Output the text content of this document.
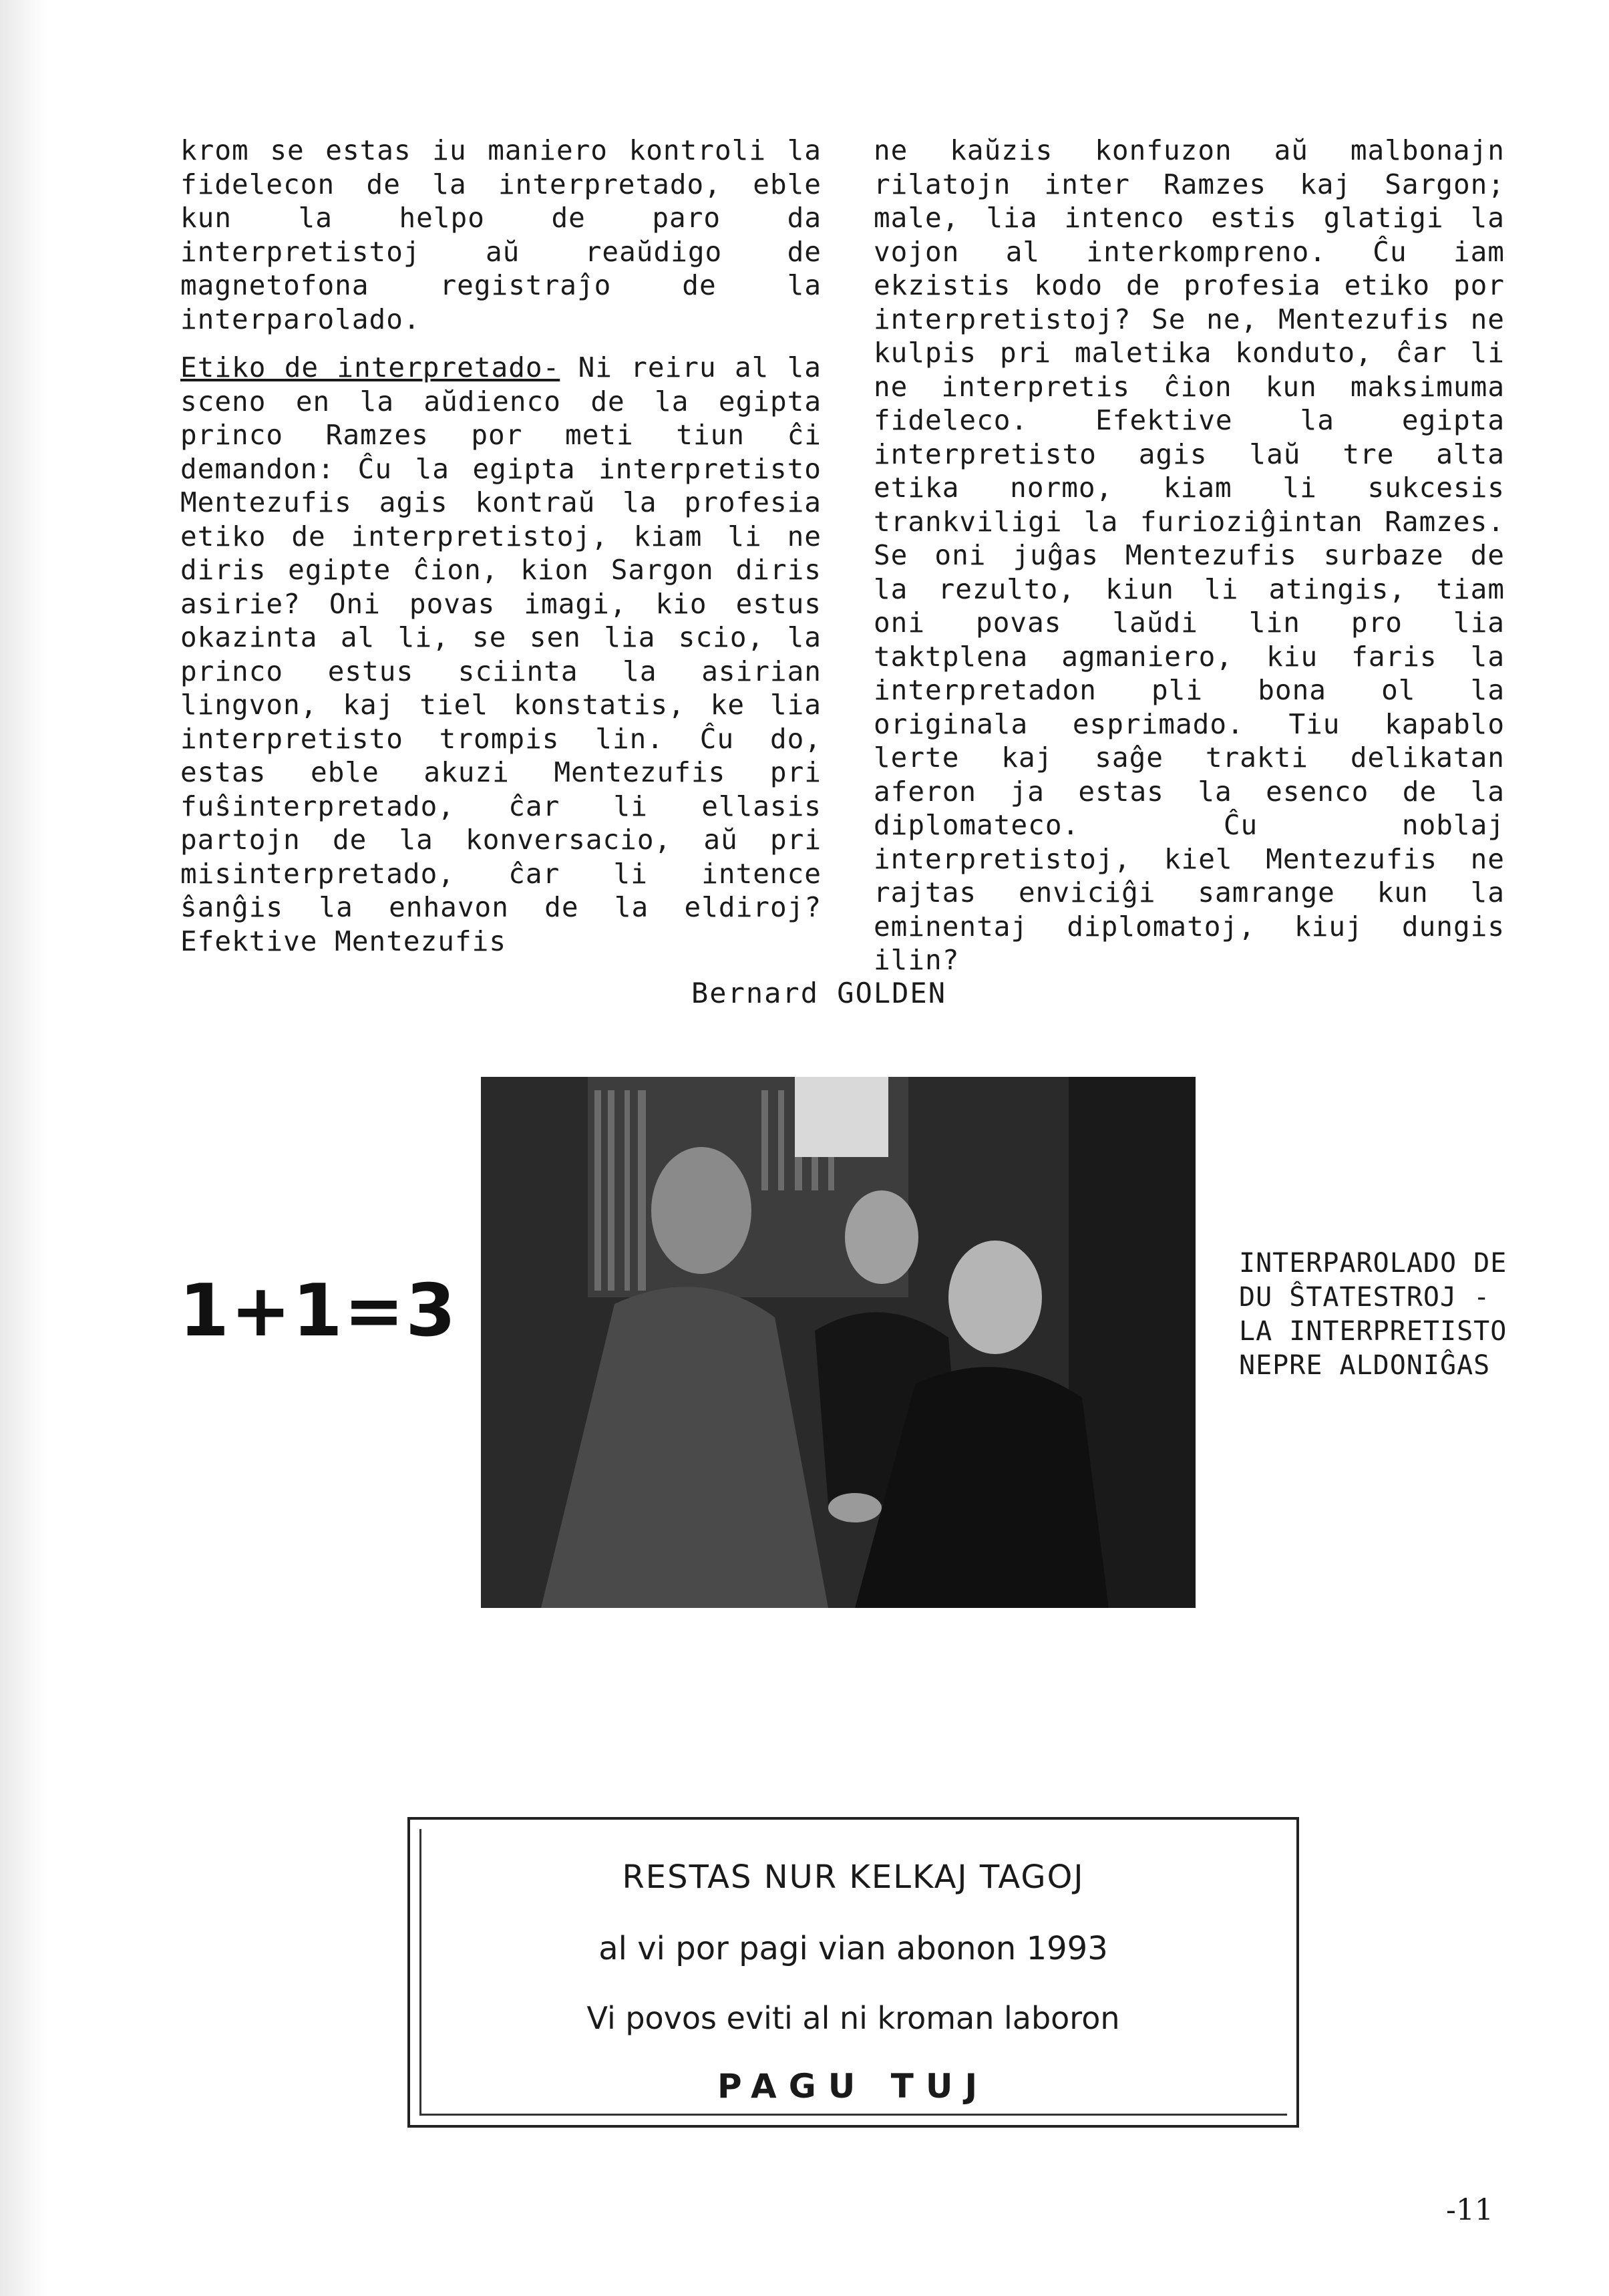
krom se estas iu maniero kontroli la fidelecon de la interpretado, eble kun la helpo de paro da interpretistoj aŭ reaŭdigo de magnetofona registraĵo de la interparolado.

Etiko de interpretado- Ni reiru al la sceno en la aŭdienco de la egipta princo Ramzes por meti tiun ĉi demandon: Ĉu la egipta interpretisto Mentezufis agis kontraŭ la profesia etiko de interpretistoj, kiam li ne diris egipte ĉion, kion Sargon diris asirie? Oni povas imagi, kio estus okazinta al li, se sen lia scio, la princo estus sciinta la asirian lingvon, kaj tiel konstatis, ke lia interpretisto trompis lin. Ĉu do, estas eble akuzi Mentezufis pri fuŝinterpretado, ĉar li ellasis partojn de la konversacio, aŭ pri misinterpretado, ĉar li intence ŝanĝis la enhavon de la eldiroj? Efektive Mentezufis

ne kaŭzis konfuzon aŭ malbonajn rilatojn inter Ramzes kaj Sargon; male, lia intenco estis glatigi la vojon al interkompreno. Ĉu iam ekzistis kodo de profesia etiko por interpretistoj? Se ne, Mentezufis ne kulpis pri maletika konduto, ĉar li ne interpretis ĉion kun maksimuma fideleco. Efektive la egipta interpretisto agis laŭ tre alta etika normo, kiam li sukcesis trankviligi la furioziĝintan Ramzes. Se oni juĝas Mentezufis surbaze de la rezulto, kiun li atingis, tiam oni povas laŭdi lin pro lia taktplena agmaniero, kiu faris la interpretadon pli bona ol la originala esprimado. Tiu kapablo lerte kaj saĝe trakti delikatan aferon ja estas la esenco de la diplomateco. Ĉu noblaj interpretistoj, kiel Mentezufis ne rajtas enviciĝi samrange kun la eminentaj diplomatoj, kiuj dungis ilin?

Bernard GOLDEN
1+1=3
INTERPAROLADO DE
DU ŜTATESTROJ -
LA INTERPRETISTO
NEPRE ALDONIĜAS
RESTAS NUR KELKAJ TAGOJ
al vi por pagi vian abonon 1993
Vi povos eviti al ni kroman laboron
PAGU TUJ
-11
